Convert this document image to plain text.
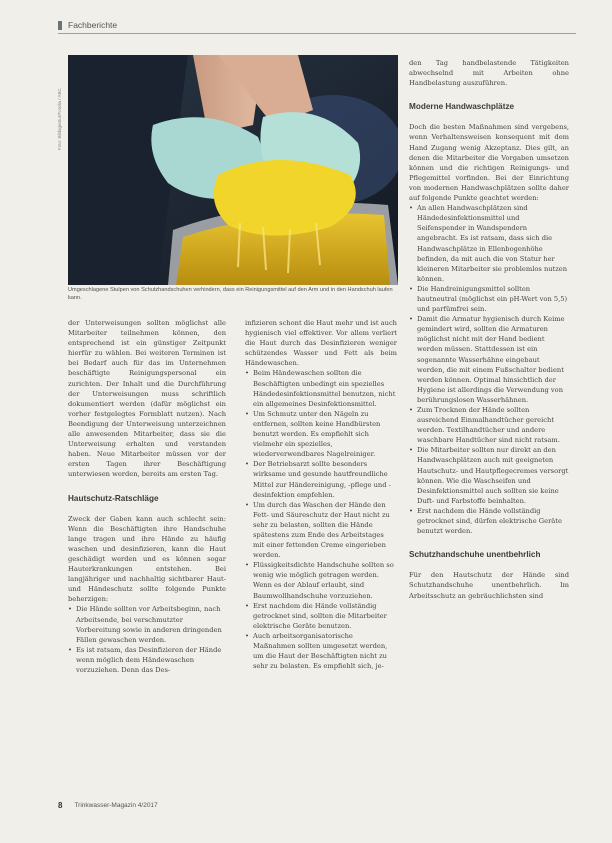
Fachberichte
Foto: Bildagentur/Fotolia / ABC
Umgeschlagene Stulpen von Schutzhandschuhen verhindern, dass ein Reinigungsmittel auf den Arm und in den Handschuh laufen kann.

der Unterweisungen sollten möglichst alle Mitarbeiter teilnehmen können, den entsprechend ist ein günstiger Zeitpunkt hierfür zu wählen. Bei weiteren Terminen ist bei Bedarf auch für das im Unternehmen beschäftigte Reinigungspersonal ein zurichten. Der Inhalt und die Durchführung der Unterweisungen muss schriftlich dokumentiert werden (dafür möglichst ein vorher festgelegtes Formblatt nutzen). Nach Beendigung der Unterweisung unterzeichnen alle anwesenden Mitarbeiter, dass sie die Unterweisung erhalten und verstanden haben. Neue Mitarbeiter müssen vor der ersten Tagen ihrer Beschäftigung unterwiesen werden, bereits am ersten Tag.

Hautschutz-Ratschläge

Zweck der Gaben kann auch schlecht sein: Wenn die Beschäftigten ihre Handschuhe lange tragen und ihre Hände zu häufig waschen und desinfizieren, kann die Haut geschädigt werden und es können sogar Hauterkrankungen entstehen. Bei langjähriger und nachhaltig sichtbarer Haut- und Händeschutz sollte folgende Punkte beherzigen:

• Die Hände sollten vor Arbeitsbeginn, nach Arbeitsende, bei verschmutzter Vorbereitung sowie in anderen dringenden Fällen gewaschen werden.
• Es ist ratsam, das Desinfizieren der Hände wenn möglich dem Händewaschen vorzuziehen. Denn das Des-

infizieren schont die Haut mehr und ist auch hygienisch viel effektiver. Vor allem verliert die Haut durch das Desinfizieren weniger schützendes Wasser und Fett als beim Händewaschen.

• Beim Händewaschen sollten die Beschäftigten unbedingt ein spezielles Händedesinfektionsmittel benutzen, nicht ein allgemeines Desinfektionsmittel.
• Um Schmutz unter den Nägeln zu entfernen, sollten keine Handbürsten benutzt werden. Es empfiehlt sich vielmehr ein spezielles, wiederverwendbares Nagelreiniger.
• Der Betriebsarzt sollte besonders wirksame und gesunde hautfreundliche Mittel zur Händereinigung, -pflege und -desinfektion empfehlen.
• Um durch das Waschen der Hände den Fett- und Säureschutz der Haut nicht zu sehr zu belasten, sollten die Hände spätestens zum Ende des Arbeitstages mit einer fettenden Creme eingerieben werden.
• Flüssigkeitsdichte Handschuhe sollten so wenig wie möglich getragen werden. Wenn es der Ablauf erlaubt, sind Baumwollhandschuhe vorzuziehen.
• Erst nachdem die Hände vollständig getrocknet sind, sollten die Mitarbeiter elektrische Geräte benutzen.
• Auch arbeitsorganisatorische Maßnahmen sollten umgesetzt werden, um die Haut der Beschäftigten nicht zu sehr zu belasten. Es empfiehlt sich, je-

den Tag handbelastende Tätigkeiten abwechselnd mit Arbeiten ohne Handbelastung auszuführen.

Moderne Handwaschplätze

Doch die besten Maßnahmen sind vergebens, wenn Verhaltensweisen konsequent mit dem Hand Zugang wenig Akzeptanz. Dies gilt, an denen die Mitarbeiter die Vorgaben umsetzen können und die richtigen Reinigungs- und Pflegemittel vorfinden. Bei der Einrichtung von modernen Handwaschplätzen sollte daher auf folgende Punkte geachtet werden:

• An allen Handwaschplätzen sind Händedesinfektionsmittel und Seifenspender in Wandspendern angebracht. Es ist ratsam, dass sich die Handwaschplätze in Ellenbogenhöhe befinden, da mit auch die von Statur her kleineren Mitarbeiter sie problemlos nutzen können.
• Die Handreinigungsmittel sollten hautneutral (möglichst ein pH-Wert von 5,5) und parfümfrei sein.
• Damit die Armatur hygienisch durch Keime gemindert wird, sollten die Armaturen möglichst nicht mit der Hand bedient werden müssen. Stattdessen ist ein sogenannte Wasserhähne eingebaut werden, die mit einem Fußschalter bedient werden können. Optimal hinsichtlich der Hygiene ist allerdings die Verwendung von berührungslosen Wasserhähnen.
• Zum Trocknen der Hände sollten ausreichend Einmalhandtücher gereicht werden. Textilhandtücher und andere waschbare Handtücher sind nicht ratsam.
• Die Mitarbeiter sollten nur direkt an den Handwaschplätzen auch mit geeigneten Hautschutz- und Hautpflegecremes versorgt können. Wie die Waschseifen und Desinfektionsmittel auch sollten sie keine Duft- und Farbstoffe beinhalten.
• Erst nachdem die Hände vollständig getrocknet sind, dürfen elektrische Geräte benutzt werden.
Schutzhandschuhe unentbehrlich

Für den Hautschutz der Hände sind Schutzhandschuhe unentbehrlich. Im Arbeitsschutz an gebräuchlichsten sind

8 Trinkwasser-Magazin 4/2017
